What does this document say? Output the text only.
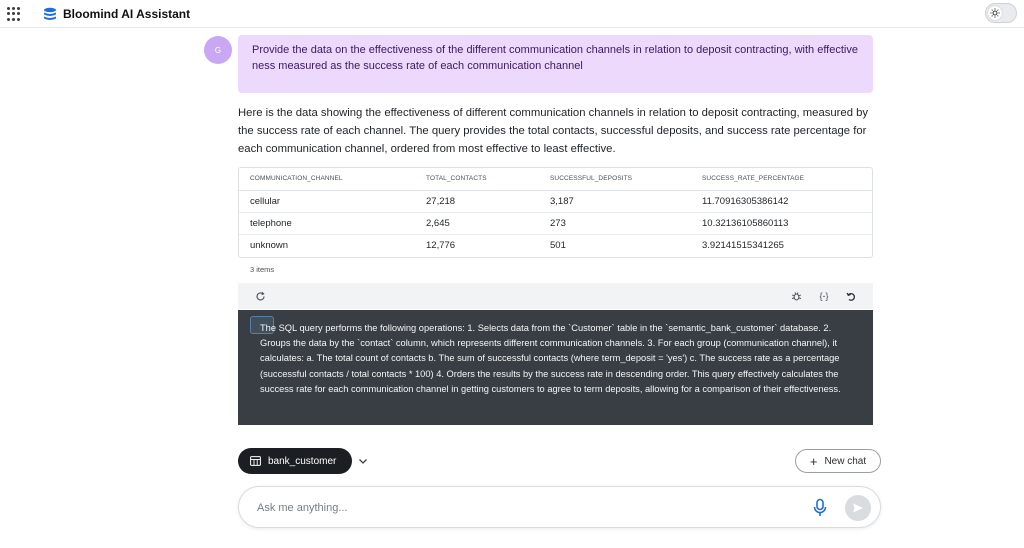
Bloomind AI Assistant
G	Provide the data on the effectiveness of the different communication channels in relation to deposit contracting, with effectiveness measured as the success rate of each communication channel
Here is the data showing the effectiveness of different communication channels in relation to deposit contracting, measured by the success rate of each channel. The query provides the total contacts, successful deposits, and success rate percentage for each communication channel, ordered from most effective to least effective.
COMMUNICATION_CHANNEL	TOTAL_CONTACTS	SUCCESSFUL_DEPOSITS	SUCCESS_RATE_PERCENTAGE
cellular	27,218	3,187	11.70916305386142
telephone	2,645	273	10.32136105860113
unknown	12,776	501	3.92141515341265
3 items
{-}
The SQL query performs the following operations: 1. Selects data from the `Customer` table in the `semantic_bank_customer` database. 2. Groups the data by the `contact` column, which represents different communication channels. 3. For each group (communication channel), it calculates: a. The total count of contacts b. The sum of successful contacts (where term_deposit = 'yes') c. The success rate as a percentage (successful contacts / total contacts * 100) 4. Orders the results by the success rate in descending order. This query effectively calculates the success rate for each communication channel in getting customers to agree to term deposits, allowing for a comparison of their effectiveness.
bank_customer	+ New chat
Ask me anything...
